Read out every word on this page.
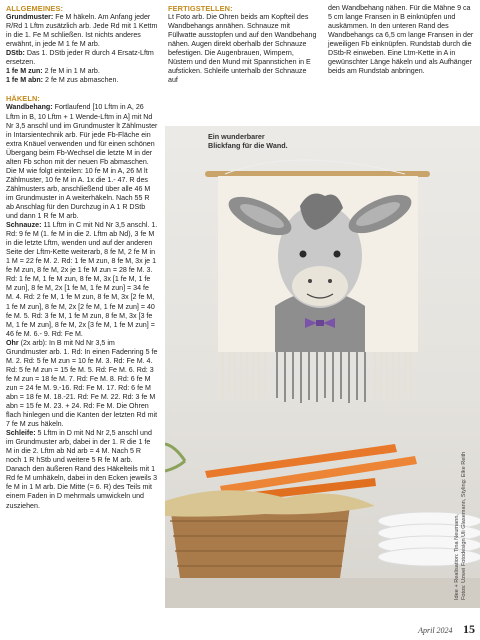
ALLGEMEINES:

Grundmuster: Fe M häkeln. Am Anfang jeder R/Rd 1 Lftm zusätzlich arb. Jede Rd mit 1 Kettm in die 1. Fe M schließen. Ist nichts anderes erwähnt, in jede M 1 fe M arb.

DStb: Das 1. DStb jeder R durch 4 Ersatz-Lftm ersetzen.

1 fe M zun: 2 fe M in 1 M arb.

1 fe M abn: 2 fe M zus abmaschen.

HÄKELN:

Wandbehang: Fortlaufend [10 Lftm in A, 26 Lftm in B, 10 Lftm + 1 Wende-Lftm in A] mit Nd Nr 3,5 anschl und im Grundmuster lt Zählmuster in Intarsientechnik arb. Für jede Fb-Fläche ein extra Knäuel verwenden und für einen schönen Übergang beim Fb-Wechsel die letzte M in der alten Fb schon mit der neuen Fb abmaschen. Die M wie folgt einteilen: 10 fe M in A, 26 M lt Zählmuster, 10 fe M in A. 1x die 1.- 47. R des Zählmusters arb, anschließend über alle 46 M im Grundmuster in A weiterhäkeln. Nach 55 R ab Anschlag für den Durchzug in A 1 R DStb und dann 1 R fe M arb.

Schnauze: 11 Lftm in C mit Nd Nr 3,5 anschl. 1. Rd: 9 fe M (1. fe M in die 2. Lftm ab Nd), 3 fe M in die letzte Lftm, wenden und auf der anderen Seite der Lftm-Kette weiterarb, 8 fe M, 2 fe M in 1 M = 22 fe M. 2. Rd: 1 fe M zun, 8 fe M, 3x je 1 fe M zun, 8 fe M, 2x je 1 fe M zun = 28 fe M. 3. Rd: 1 fe M, 1 fe M zun, 8 fe M, 3x [1 fe M, 1 fe M zun], 8 fe M, 2x [1 fe M, 1 fe M zun] = 34 fe M. 4. Rd: 2 fe M, 1 fe M zun, 8 fe M, 3x [2 fe M, 1 fe M zun], 8 fe M, 2x [2 fe M, 1 fe M zun] = 40 fe M. 5. Rd: 3 fe M, 1 fe M zun, 8 fe M, 3x [3 fe M, 1 fe M zun], 8 fe M, 2x [3 fe M, 1 fe M zun] = 46 fe M. 6.- 9. Rd: Fe M.

Ohr (2x arb): In B mit Nd Nr 3,5 im Grundmuster arb. 1. Rd: In einen Fadenring 5 fe M. 2. Rd: 5 fe M zun = 10 fe M. 3. Rd: Fe M. 4. Rd: 5 fe M zun = 15 fe M. 5. Rd: Fe M. 6. Rd: 3 fe M zun = 18 fe M. 7. Rd: Fe M. 8. Rd: 6 fe M zun = 24 fe M. 9.-16. Rd: Fe M. 17. Rd: 6 fe M abn = 18 fe M. 18.-21. Rd: Fe M. 22. Rd: 3 fe M abn = 15 fe M. 23. + 24. Rd: Fe M. Die Ohren flach hinlegen und die Kanten der letzten Rd mit 7 fe M zus häkeln.

Schleife: 5 Lftm in D mit Nd Nr 2,5 anschl und im Grundmuster arb, dabei in der 1. R die 1 fe M in die 2. Lftm ab Nd arb = 4 M. Nach 5 R noch 1 R hStb und weitere 5 R fe M arb. Danach den äußeren Rand des Häkelteils mit 1 Rd fe M umhäkeln, dabei in den Ecken jeweils 3 fe M in 1 M arb. Die Mitte (= 6. R) des Teils mit einem Faden in D mehrmals umwickeln und zusziehen.

FERTIGSTELLEN:

Lt Foto arb. Die Ohren beids am Kopfteil des Wandbehangs annähen. Schnauze mit Füllwatte ausstopfen und auf den Wandbehang nähen. Augen direkt oberhalb der Schnauze befestigen. Die Augenbrauen, Wimpern, Nüstern und den Mund mit Spannstichen in E aufsticken. Schleife unterhalb der Schnauze auf

den Wandbehang nähen. Für die Mähne 9 ca 5 cm lange Fransen in B einknüpfen und auskämmen. In den unteren Rand des Wandbehangs ca 6,5 cm lange Fransen in der jeweiligen Fb einknüpfen. Rundstab durch die DStb-R einweben. Eine Ltm-Kette in A in gewünschter Länge häkeln und als Aufhänger beids am Rundstab anbringen.

Ein wunderbarer
Blickfang für die Wand.
Idee + Realisation: Tina Neumann, Fotos: Uzwei Fotodesign Uli Glasemann, Styling: Elke Reith
April 2024 15
